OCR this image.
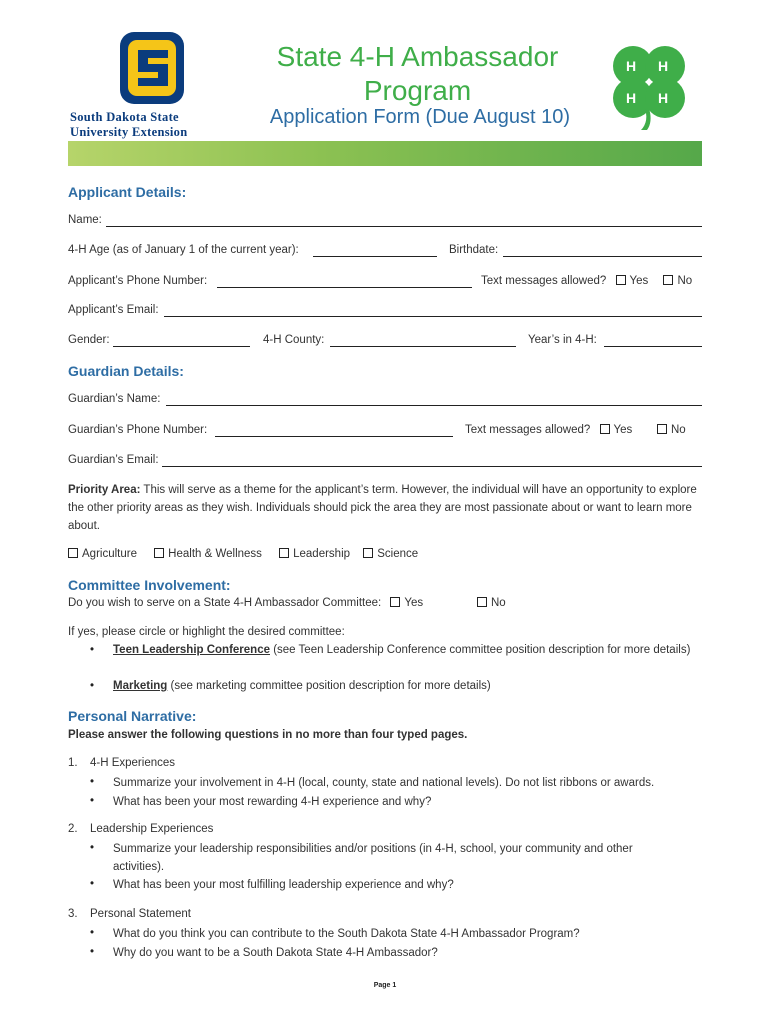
South Dakota State
University Extension
State 4-H Ambassador Program
Application Form (Due August 10)
H H
H H
Applicant Details:
Name:
4-H Age (as of January 1 of the current year):	Birthdate:
Applicant’s Phone Number:	Text messages allowed? Yes	No
Applicant’s Email:
Gender:	4-H County:	Year’s in 4-H:
Guardian Details:
Guardian’s Name:
Guardian’s Phone Number:	Text messages allowed? Yes	No
Guardian’s Email:
Priority Area: This will serve as a theme for the applicant’s term. However, the individual will have an opportunity to explore the other priority areas as they wish. Individuals should pick the area they are most passionate about or want to learn more about.
Agriculture	Health & Wellness	Leadership Science
Committee Involvement:
Do you wish to serve on a State 4-H Ambassador Committee: Yes	No
If yes, please circle or highlight the desired committee:
• Teen Leadership Conference (see Teen Leadership Conference committee position description for more details)
• Marketing (see marketing committee position description for more details)
Personal Narrative:
Please answer the following questions in no more than four typed pages.
1. 4-H Experiences
• Summarize your involvement in 4-H (local, county, state and national levels). Do not list ribbons or awards.
• What has been your most rewarding 4-H experience and why?
2. Leadership Experiences
• Summarize your leadership responsibilities and/or positions (in 4-H, school, your community and other activities).
• What has been your most fulfilling leadership experience and why?
3. Personal Statement
• What do you think you can contribute to the South Dakota State 4-H Ambassador Program?
• Why do you want to be a South Dakota State 4-H Ambassador?
Page 1
